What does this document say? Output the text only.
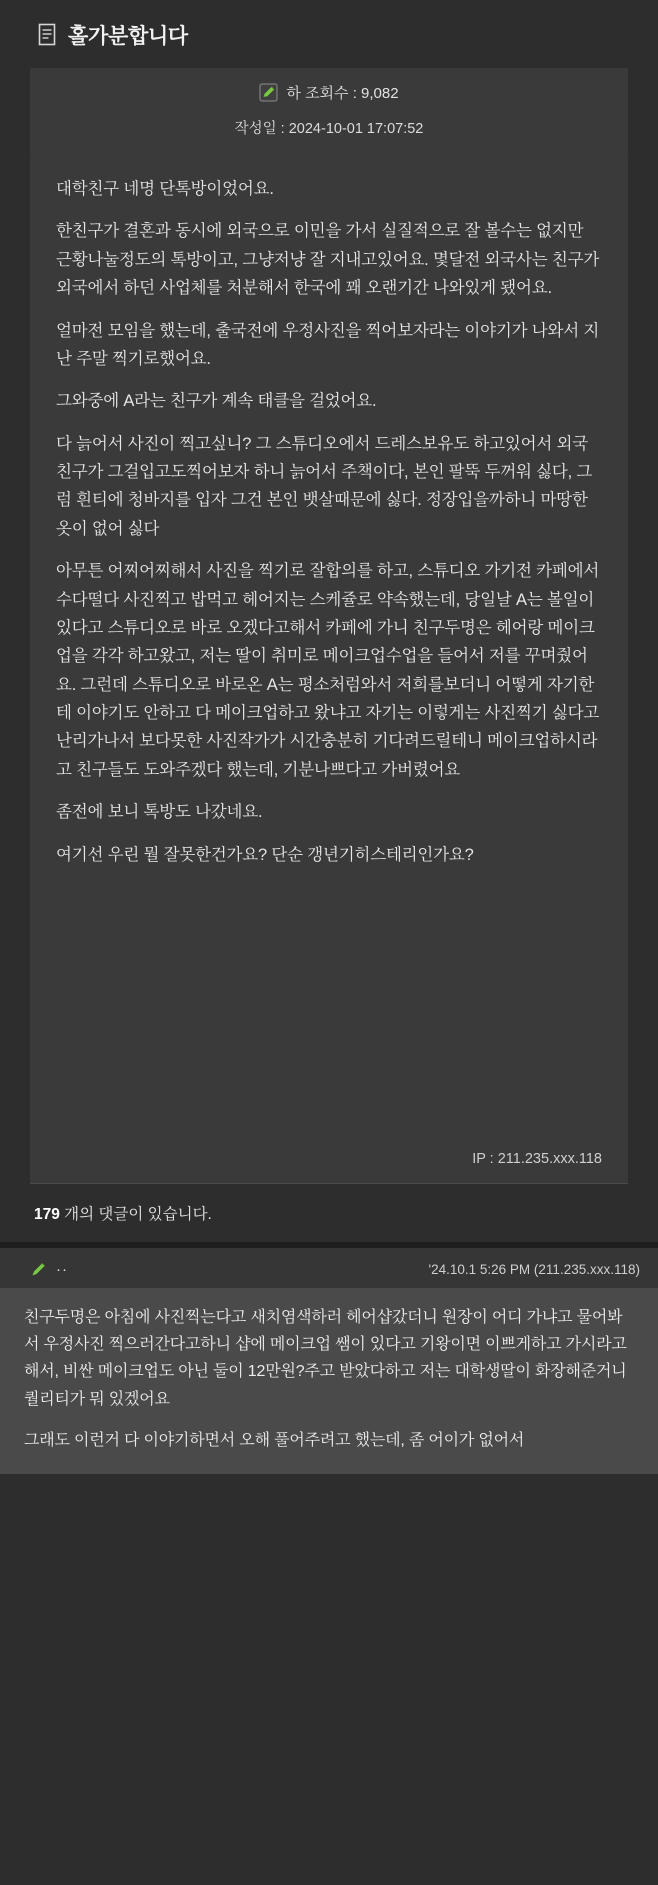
홀가분합니다
하 조회수 : 9,082
작성일 : 2024-10-01 17:07:52

대학친구 네명 단톡방이었어요.

한친구가 결혼과 동시에 외국으로 이민을 가서 실질적으로 잘 볼수는 없지만 근황나눌정도의 톡방이고, 그냥저냥 잘 지내고있어요. 몇달전 외국사는 친구가 외국에서 하던 사업체를 처분해서 한국에 꽤 오랜기간 나와있게 됐어요.

얼마전 모임을 했는데, 출국전에 우정사진을 찍어보자라는 이야기가 나와서 지난 주말 찍기로했어요.

그와중에 A라는 친구가 계속 태클을 걸었어요.

다 늙어서 사진이 찍고싶니? 그 스튜디오에서 드레스보유도 하고있어서 외국친구가 그걸입고도찍어보자 하니 늙어서 주책이다, 본인 팔뚝 두꺼워 싫다, 그럼 흰티에 청바지를 입자 그건 본인 뱃살때문에 싫다. 정장입을까하니 마땅한옷이 없어 싫다

아무튼 어찌어찌해서 사진을 찍기로 잘합의를 하고, 스튜디오 가기전 카페에서 수다떨다 사진찍고 밥먹고 헤어지는 스케쥴로 약속했는데, 당일날 A는 볼일이있다고 스튜디오로 바로 오겠다고해서 카페에 가니 친구두명은 헤어랑 메이크업을 각각 하고왔고, 저는 딸이 취미로 메이크업수업을 들어서 저를 꾸며줬어요. 그런데 스튜디오로 바로온 A는 평소처럼와서 저희를보더니 어떻게 자기한테 이야기도 안하고 다 메이크업하고 왔냐고 자기는 이렇게는 사진찍기 싫다고 난리가나서 보다못한 사진작가가 시간충분히 기다려드릴테니 메이크업하시라고 친구들도 도와주겠다 했는데, 기분나쁘다고 가버렸어요

좀전에 보니 톡방도 나갔네요.

여기선 우린 뭘 잘못한건가요? 단순 갱년기히스테리인가요?

IP : 211.235.xxx.118
179 개의 댓글이 있습니다.
··	'24.10.1 5:26 PM (211.235.xxx.118)

친구두명은 아침에 사진찍는다고 새치염색하러 헤어샵갔더니 원장이 어디 가냐고 물어봐서 우정사진 찍으러간다고하니 샵에 메이크업 쌤이 있다고 기왕이면 이쁘게하고 가시라고 해서, 비싼 메이크업도 아닌 둘이 12만원?주고 받았다하고 저는 대학생딸이 화장해준거니 퀄리티가 뭐 있겠어요

그래도 이런거 다 이야기하면서 오해 풀어주려고 했는데, 좀 어이가 없어서
